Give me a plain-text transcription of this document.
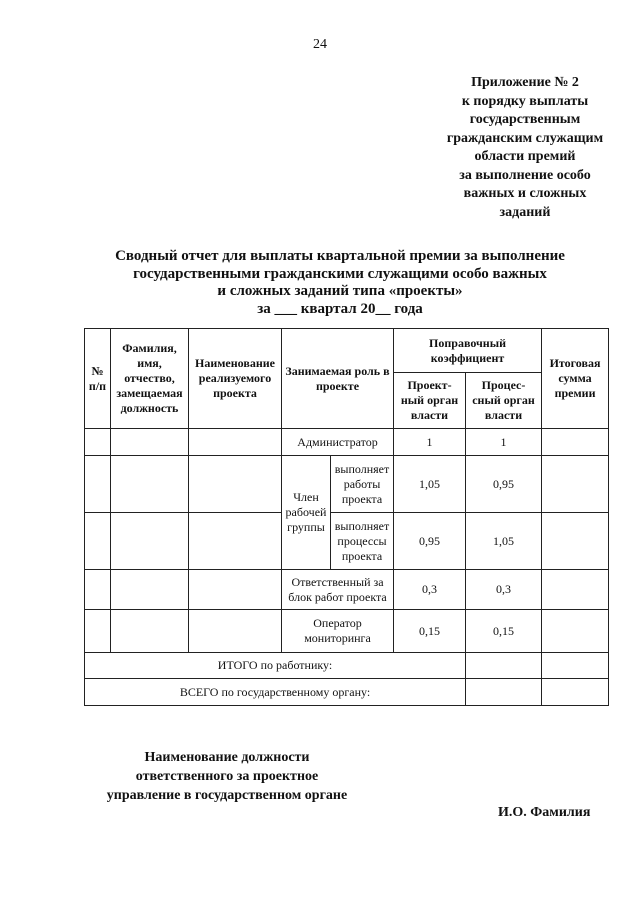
24
Приложение № 2
к порядку выплаты
государственным
гражданским служащим
области премий
за выполнение особо
важных и сложных
заданий
Сводный отчет для выплаты квартальной премии за выполнение
государственными гражданскими служащими особо важных
и сложных заданий типа «проекты»
за ___ квартал 20__ года
№ п/п	Фамилия, имя, отчество, замещаемая должность	Наименование реализуемого проекта	Занимаемая роль в проекте		Поправочный коэффициент		Итоговая сумма премии
					Проект-ный орган власти	Процес-сный орган власти	
			Администратор		1	1	
			Член рабочей группы	выполняет работы проекта	1,05	0,95	
				выполняет процессы проекта	0,95	1,05	
			Ответственный за блок работ проекта		0,3	0,3	
			Оператор мониторинга		0,15	0,15	
ИТОГО по работнику:							
ВСЕГО по государственному органу:							
Наименование должности
ответственного за проектное
управление в государственном органе
И.О. Фамилия
